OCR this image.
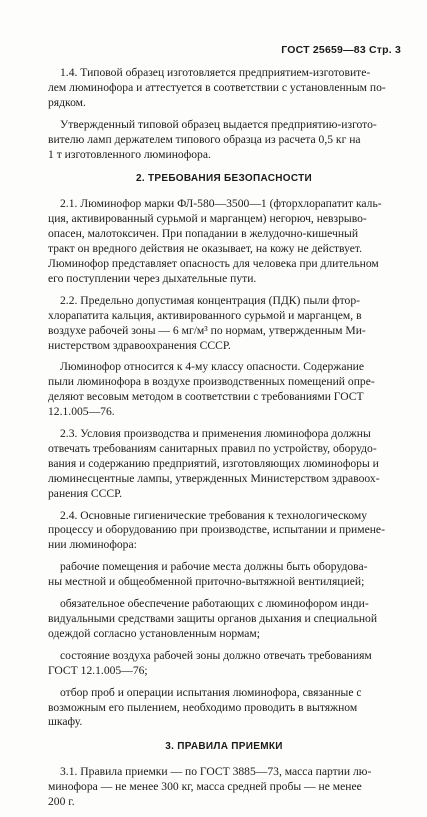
ГОСТ 25659—83 Стр. 3
1.4. Типовой образец изготовляется предприятием-изготовите-
лем люминофора и аттестуется в соответствии с установленным по-
рядком.
Утвержденный типовой образец выдается предприятию-изгото-
вителю ламп держателем типового образца из расчета 0,5 кг на
1 т изготовленного люминофора.
2. ТРЕБОВАНИЯ БЕЗОПАСНОСТИ
2.1. Люминофор марки ФЛ-580—3500—1 (фторхлорапатит каль-
ция, активированный сурьмой и марганцем) негорюч, невзрыво-
опасен, малотоксичен. При попадании в желудочно-кишечный
тракт он вредного действия не оказывает, на кожу не действует.
Люминофор представляет опасность для человека при длительном
его поступлении через дыхательные пути.
2.2. Предельно допустимая концентрация (ПДК) пыли фтор-
хлорапатита кальция, активированного сурьмой и марганцем, в
воздухе рабочей зоны — 6 мг/м³ по нормам, утвержденным Ми-
нистерством здравоохранения СССР.
Люминофор относится к 4-му классу опасности. Содержание
пыли люминофора в воздухе производственных помещений опре-
деляют весовым методом в соответствии с требованиями ГОСТ
12.1.005—76.
2.3. Условия производства и применения люминофора должны
отвечать требованиям санитарных правил по устройству, оборудо-
вания и содержанию предприятий, изготовляющих люминофоры и
люминесцентные лампы, утвержденных Министерством здравоох-
ранения СССР.
2.4. Основные гигиенические требования к технологическому
процессу и оборудованию при производстве, испытании и примене-
нии люминофора:
рабочие помещения и рабочие места должны быть оборудова-
ны местной и общеобменной приточно-вытяжной вентиляцией;
обязательное обеспечение работающих с люминофором инди-
видуальными средствами защиты органов дыхания и специальной
одеждой согласно установленным нормам;
состояние воздуха рабочей зоны должно отвечать требованиям
ГОСТ 12.1.005—76;
отбор проб и операции испытания люминофора, связанные с
возможным его пылением, необходимо проводить в вытяжном
шкафу.
3. ПРАВИЛА ПРИЕМКИ
3.1. Правила приемки — по ГОСТ 3885—73, масса партии лю-
минофора — не менее 300 кг, масса средней пробы — не менее
200 г.
